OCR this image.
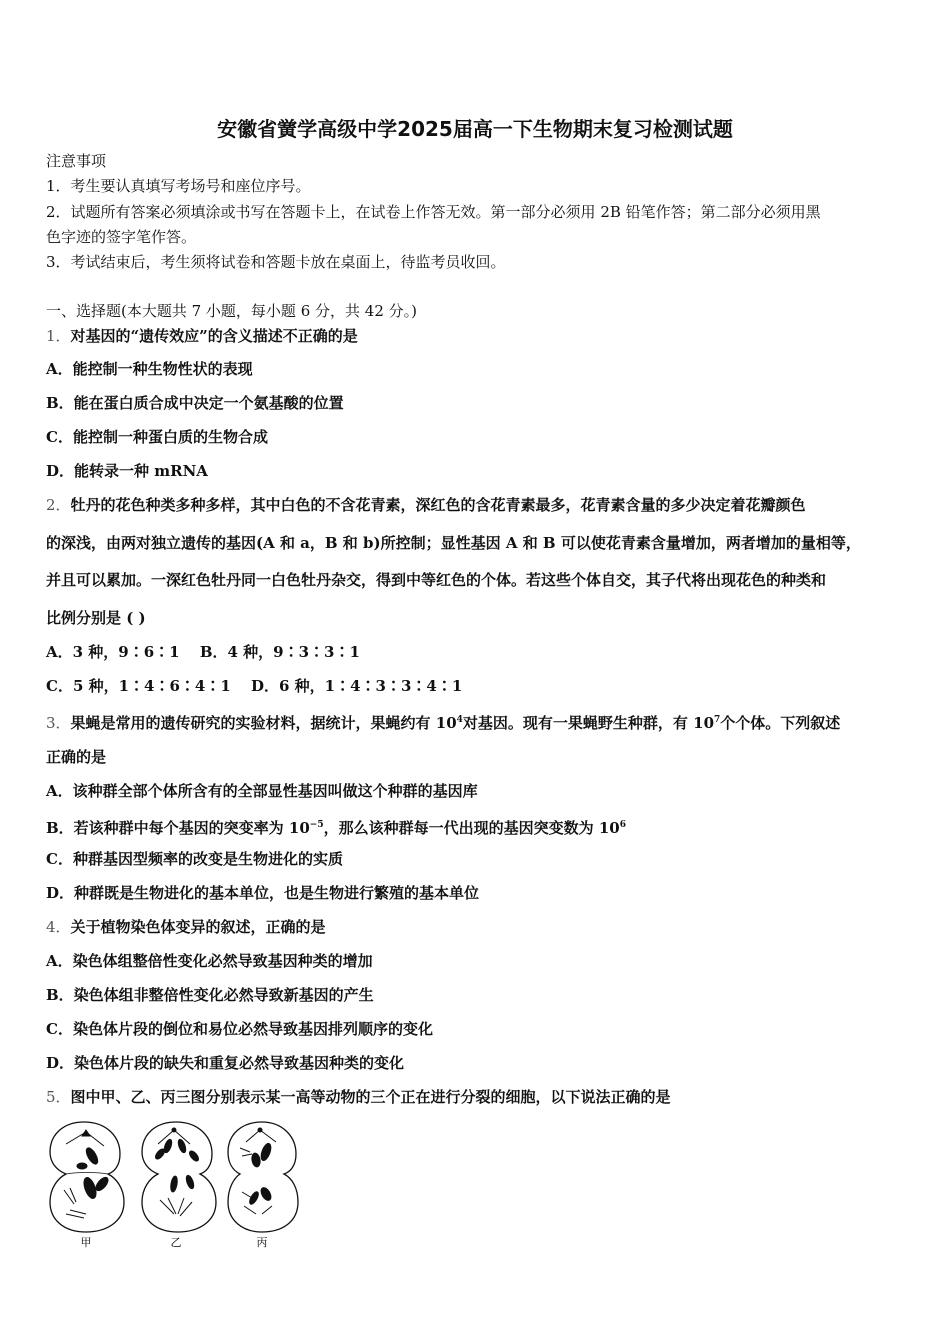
安徽省黉学高级中学2025届高一下生物期末复习检测试题
注意事项
1．考生要认真填写考场号和座位序号。
2．试题所有答案必须填涂或书写在答题卡上，在试卷上作答无效。第一部分必须用 2B 铅笔作答；第二部分必须用黑
色字迹的签字笔作答。
3．考试结束后，考生须将试卷和答题卡放在桌面上，待监考员收回。
一、选择题(本大题共 7 小题，每小题 6 分，共 42 分。)
1．对基因的“遗传效应”的含义描述不正确的是
A．能控制一种生物性状的表现
B．能在蛋白质合成中决定一个氨基酸的位置
C．能控制一种蛋白质的生物合成
D．能转录一种 mRNA
2．牡丹的花色种类多种多样，其中白色的不含花青素，深红色的含花青素最多，花青素含量的多少决定着花瓣颜色
的深浅，由两对独立遗传的基因(A 和 a，B 和 b)所控制；显性基因 A 和 B 可以使花青素含量增加，两者增加的量相等，
并且可以累加。一深红色牡丹同一白色牡丹杂交，得到中等红色的个体。若这些个体自交，其子代将出现花色的种类和
比例分别是 ( )
A．3 种，9∶6∶1　 B．4 种，9∶3∶3∶1
C．5 种，1∶4∶6∶4∶1　 D．6 种，1∶4∶3∶3∶4∶1
3．果蝇是常用的遗传研究的实验材料，据统计，果蝇约有 $10^4$对基因。现有一果蝇野生种群，有 $10^7$个个体。下列叙述
正确的是
A．该种群全部个体所含有的全部显性基因叫做这个种群的基因库
B．若该种群中每个基因的突变率为 $10^{-5}$，那么该种群每一代出现的基因突变数为 $10^6$
C．种群基因型频率的改变是生物进化的实质
D．种群既是生物进化的基本单位，也是生物进行繁殖的基本单位
4．关于植物染色体变异的叙述，正确的是
A．染色体组整倍性变化必然导致基因种类的增加
B．染色体组非整倍性变化必然导致新基因的产生
C．染色体片段的倒位和易位必然导致基因排列顺序的变化
D．染色体片段的缺失和重复必然导致基因种类的变化
5．图中甲、乙、丙三图分别表示某一高等动物的三个正在进行分裂的细胞，以下说法正确的是
甲	乙	丙
